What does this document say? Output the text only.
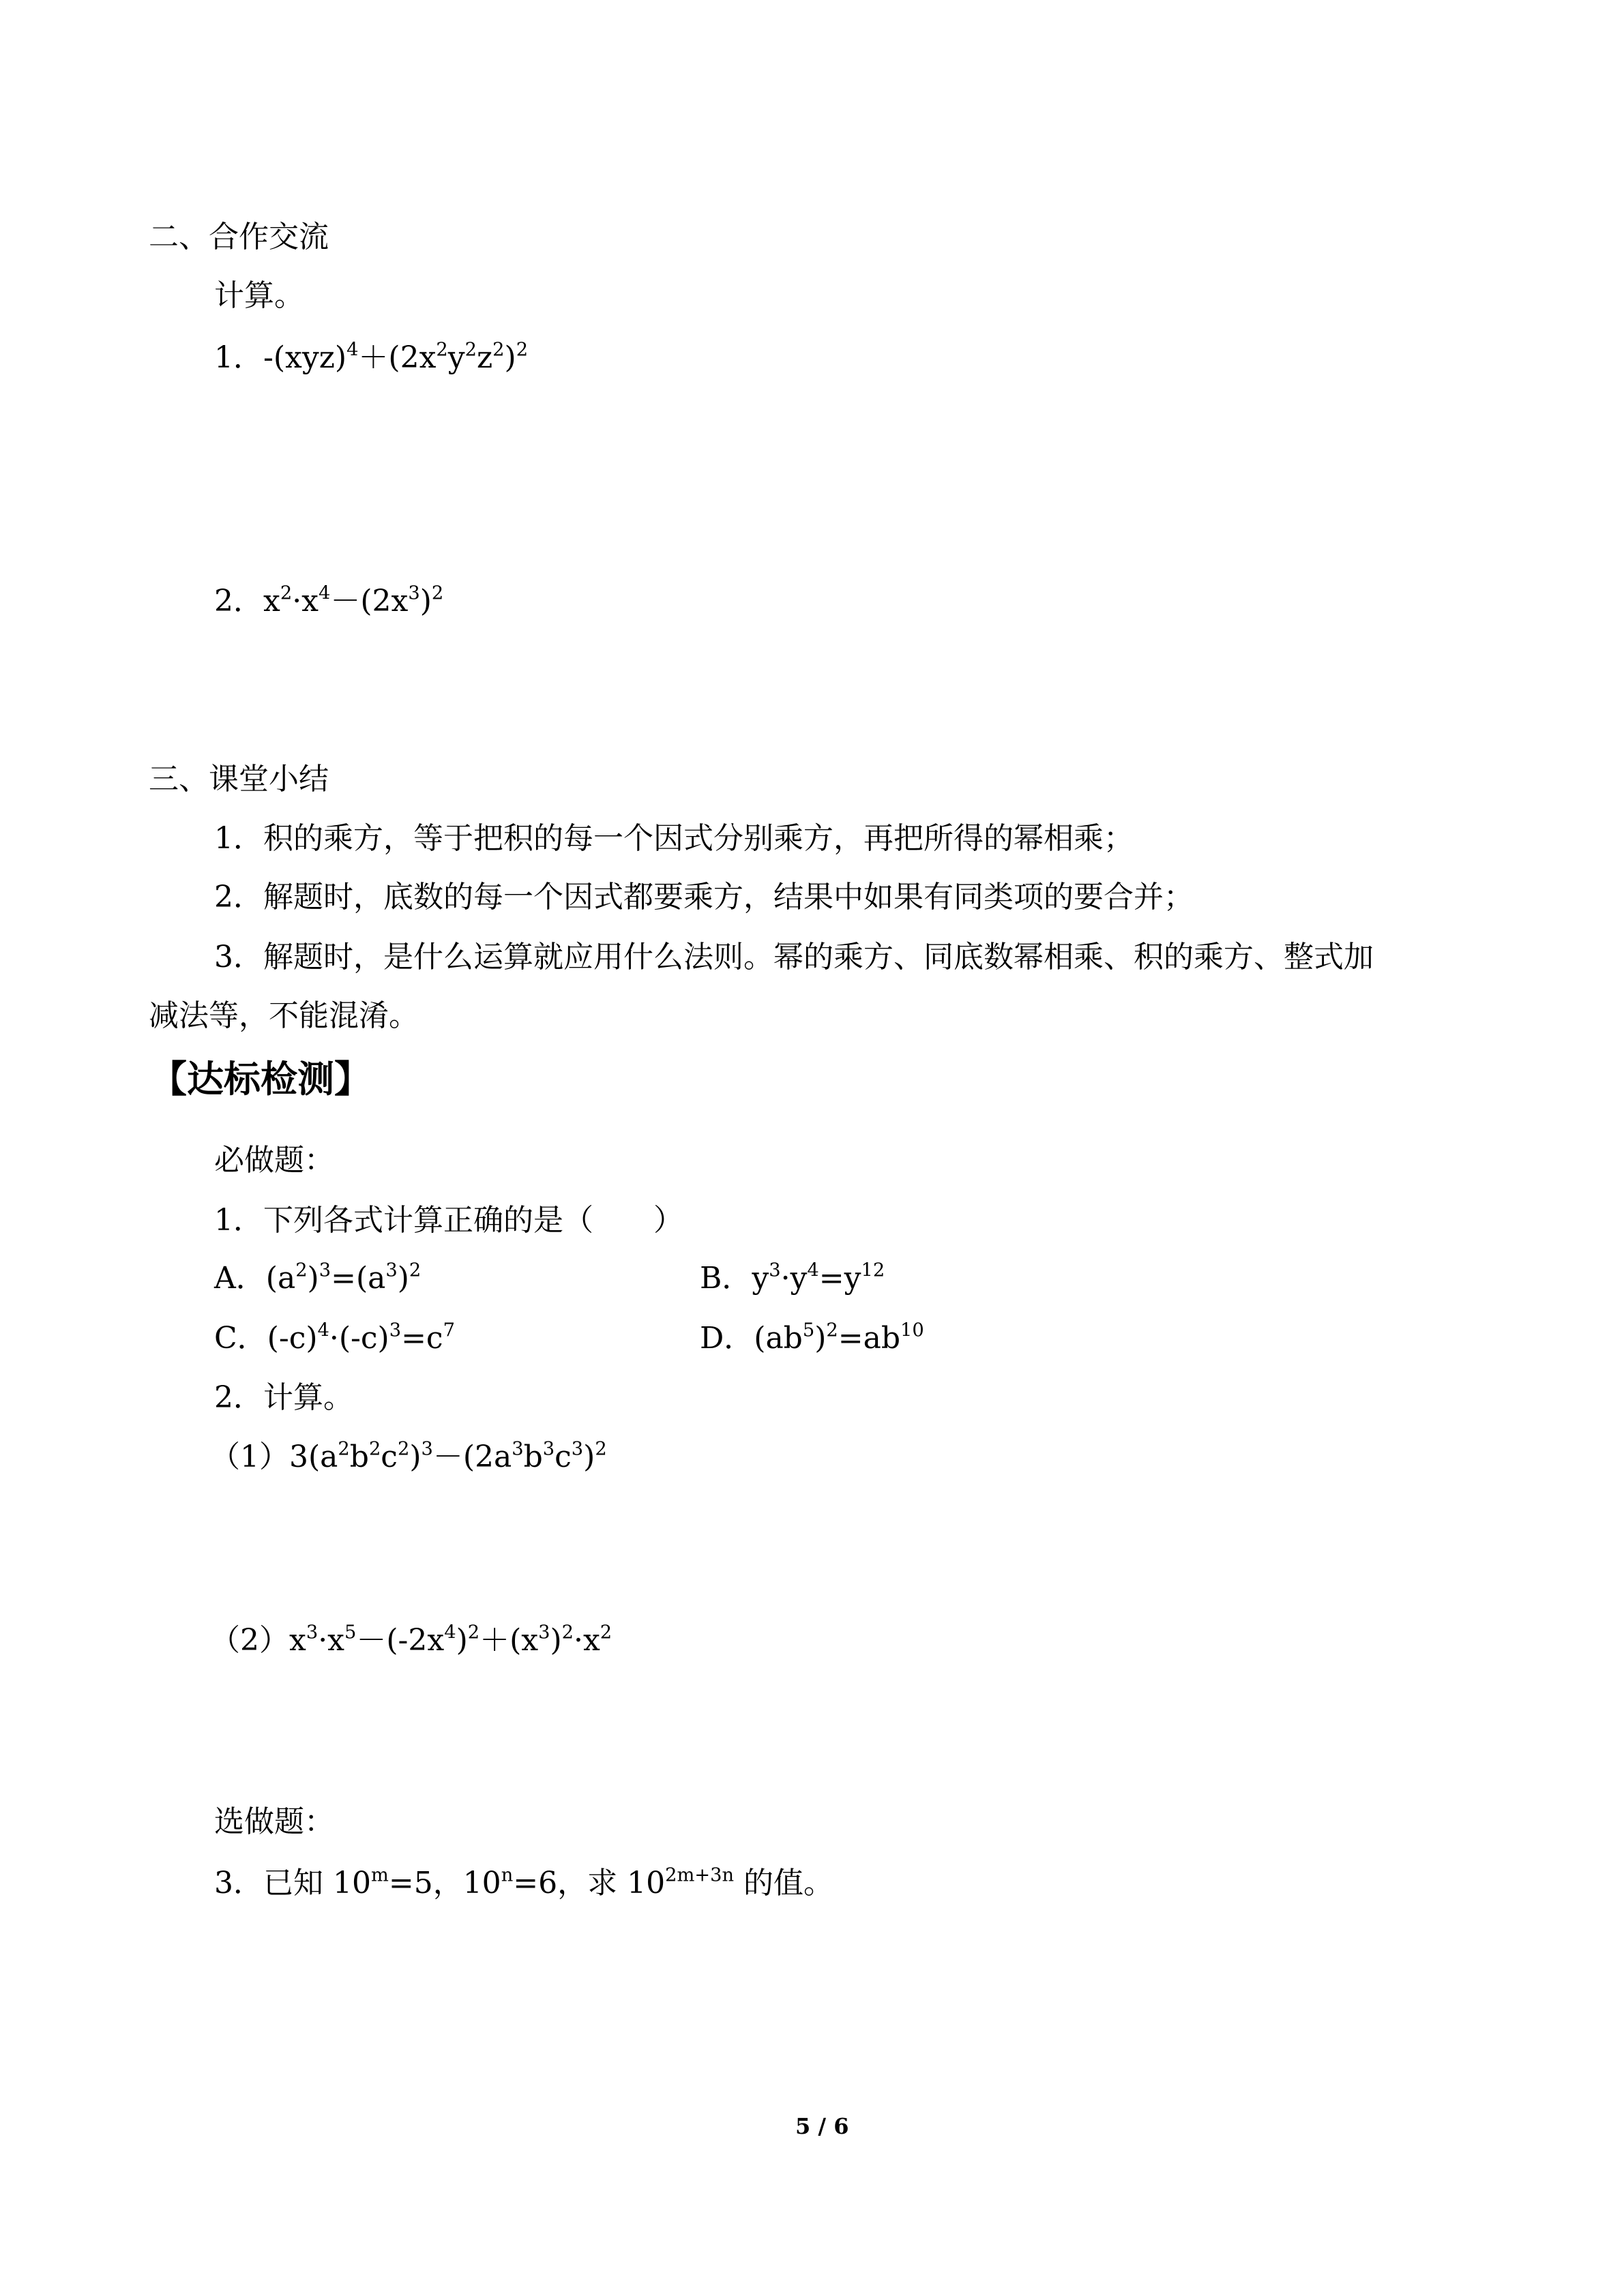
二、合作交流
计算。
1．$-(xyz)^4+(2x^2y^2z^2)^2$
2．$x^2\cdot x^4-(2x^3)^2$
三、课堂小结
1．积的乘方，等于把积的每一个因式分别乘方，再把所得的幂相乘；
2．解题时，底数的每一个因式都要乘方，结果中如果有同类项的要合并；
3．解题时，是什么运算就应用什么法则。幂的乘方、同底数幂相乘、积的乘方、整式加
减法等，不能混淆。
【达标检测】
必做题：
1．下列各式计算正确的是（　　）
A．$(a^2)^3=(a^3)^2$	B．$y^3\cdot y^4=y^{12}$
C．$(-c)^4\cdot(-c)^3=c^7$	D．$(ab^5)^2=ab^{10}$
2．计算。
$(1)3(a^2b^2c^2)^3-(2a^3b^3c^3)^2$
$(2)x^3\cdot x^5-(-2x^4)^2+(x^3)^2\cdot x^2$
选做题：
3．已知 $10^m=5$，$10^n=6$，求 $10^{2m+3n}$ 的值。
5 / 6
